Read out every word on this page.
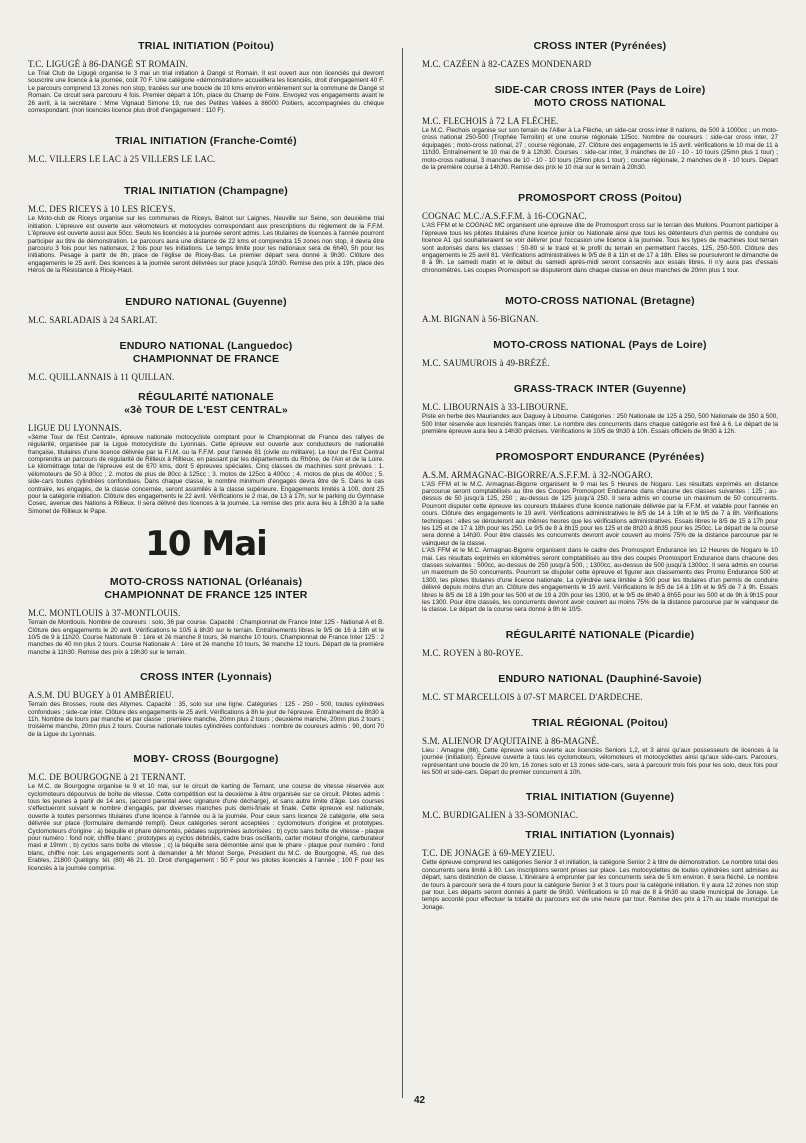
TRIAL INITIATION (Poitou)
T.C. LIGUGÉ à 86-DANGÉ ST ROMAIN.
Le Trial Club de Ligugé organise le 3 mai un trial initiation à Dangé st Romain. Il est ouvert aux non licenciés qui devront souscrire une licence à la journée, coût 70 F. Une catégorie «démonstration» accueillera les licenciés, droit d'engagement 40 F. Le parcours comprend 13 zones non stop, tracées sur une boucle de 10 kms environ entièrement sur la commune de Dangé st Romain. Ce circuit sera parcouru 4 fois. Premier départ à 10h, place du Champ de Foire. Envoyez vos engagements avant le 26 avril, à la secrétaire : Mme Vignaud Simone 19, rue des Petites Vallées à 86000 Poitiers, accompagnées du chèque correspondant. (non licenciés licence plus droit d'engagement : 110 F).
TRIAL INITIATION (Franche-Comté)
M.C. VILLERS LE LAC à 25 VILLERS LE LAC.
TRIAL INITIATION (Champagne)
M.C. DES RICEYS à 10 LES RICEYS.
Le Moto-club de Riceys organise sur les communes de Riceys, Balnot sur Laignes, Neuville sur Seine, son deuxième trial initiation. L'épreuve est ouverte aux vélomoteurs et motocycles correspondant aux prescriptions du règlement de la F.F.M. L'épreuve est ouverte aussi aux 50cc. Seuls les licenciés à la journée seront admis. Les titulaires de licences à l'année pourront participer au titre de démonstration. Le parcours aura une distance de 22 kms et comprendra 15 zones non stop, il devra être parcouru 3 fois pour les nationaux, 2 fois pour les initiations. Le temps limite pour les nationaux sera de 6h40, 5h pour les initiations. Pesage à partir de 8h, place de l'église de Ricey-Bas. Le premier départ sera donné à 9h30. Clôture des engagements le 25 avril. Des licences à la journée seront délivrées sur place jusqu'à 10h30. Remise des prix à 19h, place des Héros de la Résistance à Ricey-Haut.
ENDURO NATIONAL (Guyenne)
M.C. SARLADAIS à 24 SARLAT.
ENDURO NATIONAL (Languedoc)
CHAMPIONNAT DE FRANCE
M.C. QUILLANNAIS à 11 QUILLAN.
RÉGULARITÉ NATIONALE
«3è TOUR DE L'EST CENTRAL»
LIGUE DU LYONNAIS.
«3ème Tour de l'Est Central», épreuve nationale motocycliste comptant pour le Championnat de France des rallyes de régularité, organisée par la Ligue motocycliste du Lyonnais. Cette épreuve est ouverte aux conducteurs de nationalité française, titulaires d'une licence délivrée par la F.I.M. ou la F.F.M. pour l'année 81 (civile ou militaire). Le tour de l'Est Central comprendra un parcours de régularité de Rillieux à Rillieux, en passant par les départements du Rhône, de l'Ain et de la Loire. Le kilométrage total de l'épreuve est de 670 kms, dont 5 épreuves spéciales. Cinq classes de machines sont prévues : 1. vélomoteurs de 50 à 80cc ; 2. motos de plus de 80cc à 125cc ; 3. motos de 125cc à 400cc ; 4. motos de plus de 400cc ; 5. side-cars toutes cylindrées confondues. Dans chaque classe, le nombre minimum d'engagés devra être de 5. Dans le cas contraire, les engagés, de la classe concernée, seront assimilés à la classe supérieure. Engagements limités à 100, dont 25 pour la catégorie initiation. Clôture des engagements le 22 avril. Vérifications le 2 mai, de 13 à 17h, sur le parking du Gymnase Cosec, avenue des Nations à Rillieux. Il sera délivré des licences à la journée. La remise des prix aura lieu à 18h30 à la salle Simonet de Rillieux le Pape.
10 Mai
MOTO-CROSS NATIONAL (Orléanais)
CHAMPIONNAT DE FRANCE 125 INTER
M.C. MONTLOUIS à 37-MONTLOUIS.
Terrain de Montlouis. Nombre de coureurs : solo, 36 par course. Capacité : Championnat de France Inter 125 - National A et B. Clôture des engagements le 20 avril. Vérifications le 10/5 à 8h30 sur le terrain. Entraînements libres le 9/5 de 16 à 18h et le 10/5 de 9 à 11h20. Course Nationale B : 1ère et 2è manche 8 tours, 3è manche 10 tours. Championnat de France Inter 125 : 2 manches de 40 mn plus 2 tours. Course Nationale A : 1ère et 2è manche 10 tours, 3è manche 12 tours. Départ de la première manche à 11h30. Remise des prix à 19h30 sur le terrain.
CROSS INTER (Lyonnais)
A.S.M. DU BUGEY à 01 AMBÉRIEU.
Terrain des Brosses, route des Allymes. Capacité : 35, solo sur une ligne. Catégories : 125 - 250 - 500, toutes cylindrées confondues ; side-car inter. Clôture des engagements le 25 avril. Vérifications à 8h le jour de l'épreuve. Entraînement de 8h30 à 11h. Nombre de tours par manche et par classe : première manche, 20mn plus 2 tours ; deuxième manche, 20mn plus 2 tours ; troisième manche, 20mn plus 2 tours. Course nationale toutes cylindrées confondues : nombre de coureurs admis : 90, dont 70 de la Ligue du Lyonnais.
MOBY- CROSS (Bourgogne)
M.C. DE BOURGOGNE à 21 TERNANT.
Le M.C. de Bourgogne organise le 9 et 10 mai, sur le circuit de karting de Ternant, une course de vitesse réservée aux cyclomoteurs dépourvus de boîte de vitesse. Cette compétition est la deuxième à être organisée sur ce circuit. Pilotes admis : tous les jeunes à partir de 14 ans, (accord parental avec signature d'une décharge), et sans autre limite d'âge. Les courses s'effectueront suivant le nombre d'engagés, par diverses manches puis demi-finale et finale. Cette épreuve est nationale, ouverte à toutes personnes titulaires d'une licence à l'année ou à la journée. Pour ceux sans licence 2è catégorie, elle sera délivrée sur place (formulaire demandé rempli). Deux catégories seront acceptées : cyclomoteurs d'origine et prototypes. Cyclomoteurs d'origine : a) béquille et phare démontés, pédales supprimées autorisées ; b) cyclo sans boîte de vitesse - plaque pour numéro : fond noir, chiffre blanc ; prototypes a) cyclos débridés, cadre bras oscillants, carter moteur d'origine, carburateur maxi ø 19mm ; b) cyclos sans boîte de vitesse ; c) la béquille sera démontée ainsi que le phare - plaque pour numéro : fond blanc, chiffre noir. Les engagements sont à demander à Mr Monot Serge, Président du M.C. de Bourgogne, 45, rue des Erables, 21800 Quétigny. tél. (80) 46 21. 10. Droit d'engagement : 50 F pour les pilotes licenciés à l'année ; 100 F pour les licenciés à la journée comprise.
CROSS INTER (Pyrénées)
M.C. CAZÉEN à 82-CAZES MONDENARD
SIDE-CAR CROSS INTER (Pays de Loire)
MOTO CROSS NATIONAL
M.C. FLECHOIS à 72 LA FLÈCHE.
Le M.C. Flechois organise sur son terrain de l'Allier à La Flèche, un side-car cross inter 8 nations, de 500 à 1000cc ; un moto-cross national 250-500 (Trophée Terroitin) et une course régionale 125cc. Nombre de coureurs : side-car cross inter, 27 équipages ; moto-cross national, 27 ; course régionale, 27. Clôture des engagements le 15 avril. vérifications le 10 mai de 11 à 11h30. Entraînement le 10 mai de 9 à 12h30. Courses : side-car inter, 3 manches de 10 - 10 - 10 tours (25mn plus 1 tour) ; moto-cross national, 3 manches de 10 - 10 - 10 tours (25mn plus 1 tour) ; course régionale, 2 manches de 8 - 10 tours. Départ de la première course à 14h30. Remise des prix le 10 mai sur le terrain à 20h30.
PROMOSPORT CROSS (Poitou)
COGNAC M.C./A.S.F.F.M. à 16-COGNAC.
L'AS FFM et le COGNAC MC organisent une épreuve dite de Promosport cross sur le terrain des Mullons. Pourront participer à l'épreuve tous les pilotes titulaires d'une licence junior ou Nationale ainsi que tous les détenteurs d'un permis de conduire ou licence A1 qui souhaiteraient se voir délivrer pour l'occasion une licence à la journée. Tous les types de machines tout terrain sont autorisés dans les classes : 50-80 si le tracé et le profil du terrain en permettent l'accès, 125, 250-500. Clôture des engagements le 25 avril 81. Vérifications administratives le 9/5 de 8 à 11h et de 17 à 18h. Elles se poursuivront le dimanche de 8 à 9h. Le samedi matin et le début du samedi après-midi seront consacrés aux essais libres. Il n'y aura pas d'essais chronométrés. Les coupes Promosport se disputeront dans chaque classe en deux manches de 20mn plus 1 tour.
MOTO-CROSS NATIONAL (Bretagne)
A.M. BIGNAN à 56-BIGNAN.
MOTO-CROSS NATIONAL (Pays de Loire)
M.C. SAUMUROIS à 49-BRÉZÉ.
GRASS-TRACK INTER (Guyenne)
M.C. LIBOURNAIS à 33-LIBOURNE.
Piste en herbe des Mauriandes aux Daguey à Libourne. Catégories : 250 Nationale de 125 à 250, 500 Nationale de 350 à 500, 500 Inter réservée aux licenciés français inter. Le nombre des concurrents dans chaque catégorie est fixé à 6. Le départ de la première épreuve aura lieu à 14h30 précises. Vérifications le 10/5 de 9h30 à 10h. Essais officiels de 9h30 à 12h.
PROMOSPORT ENDURANCE (Pyrénées)
A.S.M. ARMAGNAC-BIGORRE/A.S.F.F.M. à 32-NOGARO.
L'AS FFM et le M.C. Armagnac-Bigorre organisent le 9 mai les 5 Heures de Nogaro. Les résultats exprimés en distance parcourue seront comptabilisés au titre des Coupes Promosport Endurance dans chacune des classes suivantes : 125 ; au-dessus de 50 jusqu'à 125, 250 ; au-dessus de 125 jusqu'à 250. Il sera admis en course un maximum de 50 concurrents. Pourront disputer cette épreuve les coureurs titulaires d'une licence nationale délivrée par la F.F.M. et valable pour l'année en cours. Clôture des engagements le 19 avril. Vérifications administratives le 8/5 de 14 à 19h et le 9/5 de 7 à 8h. Vérifications techniques : elles se dérouleront aux mêmes heures que les vérifications administratives. Essais libres le 8/5 de 15 à 17h pour les 125 et de 17 à 18h pour les 250. Le 9/5 de 8 à 8h15 pour les 125 et de 8h20 à 8h35 pour les 250cc. Le départ de la course sera donné à 14h30. Pour être classés les concurrents devront avoir couvert au moins 75% de la distance parcourue par le vainqueur de la classe.
L'AS FFM et le M.C. Armagnac-Bigorre organisent dans le cadre des Promosport Endurance les 12 Heures de Nogaro le 10 mai. Les résultats exprimés en kilomètres seront comptabilisés au titre des coupes Promosport Endurance dans chacune des classes suivantes : 500cc, au-dessus de 250 jusqu'à 500, ; 1300cc, au-dessus de 500 jusqu'à 1300cc. Il sera admis en course un maximum de 50 concurrents. Pourront se disputer cette épreuve et figurer aux classements des Promo Endurance 500 et 1300, les pilotes titulaires d'une licence nationale. La cylindrée sera limitée à 500 pour les titulaires d'un permis de conduire délivré depuis moins d'un an. Clôture des engagements le 19 avril. Vérifications le 8/5 de 14 à 19h et le 9/5 de 7 à 9h. Essais libres le 8/5 de 18 à 19h pour les 500 et de 19 à 20h pour les 1300, et le 9/5 de 8h40 à 8h55 pour les 500 et de 9h à 9h15 pour les 1300. Pour être classés, les concurrents devront avoir couvert au moins 75% de la distance parcourue par le vainqueur de la classe. Le départ de la course sera donné à 9h le 10/5.
RÉGULARITÉ NATIONALE (Picardie)
M.C. ROYEN à 80-ROYE.
ENDURO NATIONAL (Dauphiné-Savoie)
M.C. ST MARCELLOIS à 07-ST MARCEL D'ARDECHE.
TRIAL RÉGIONAL (Poitou)
S.M. ALIENOR D'AQUITAINE à 86-MAGNÉ.
Lieu : Amagne (86). Cette épreuve sera ouverte aux licenciés Seniors 1,2, et 3 ainsi qu'aux possesseurs de licences à la journée (initiation). Épreuve ouverte à tous les cyclomoteurs, vélomoteurs et motocyclettes ainsi qu'aux side-cars. Parcours, représentant une boucle de 20 km, 16 zones solo et 13 zones side-cars, sera à parcourir trois fois pour les solo, deux fois pour les 500 et side-cars. Départ du premier concurrent à 10h.
TRIAL INITIATION (Guyenne)
M.C. BURDIGALIEN à 33-SOMONIAC.
TRIAL INITIATION (Lyonnais)
T.C. DE JONAGE à 69-MEYZIEU.
Cette épreuve comprend les catégories Senior 3 et initiation, la catégorie Senior 2 à titre de démonstration. Le nombre total des concurrents sera limité à 80. Les inscriptions seront prises sur place. Les motocyclettes de toutes cylindrées sont admises au départ, sans distinction de classe. L'itinéraire à emprunter par les concurrents sera de 5 km environ. Il sera fléché. Le nombre de tours à parcourir sera de 4 tours pour la catégorie Senior 3 et 3 tours pour la catégorie initiation. Il y aura 12 zones non stop par tour. Les départs seront donnés à partir de 9h30. Vérifications le 10 mai de 8 à 9h30 au stade municipal de Jonage. Le temps accordé pour effectuer la totalité du parcours est de une heure par tour. Remise des prix à 17h au stade municipal de Jonage.
42
